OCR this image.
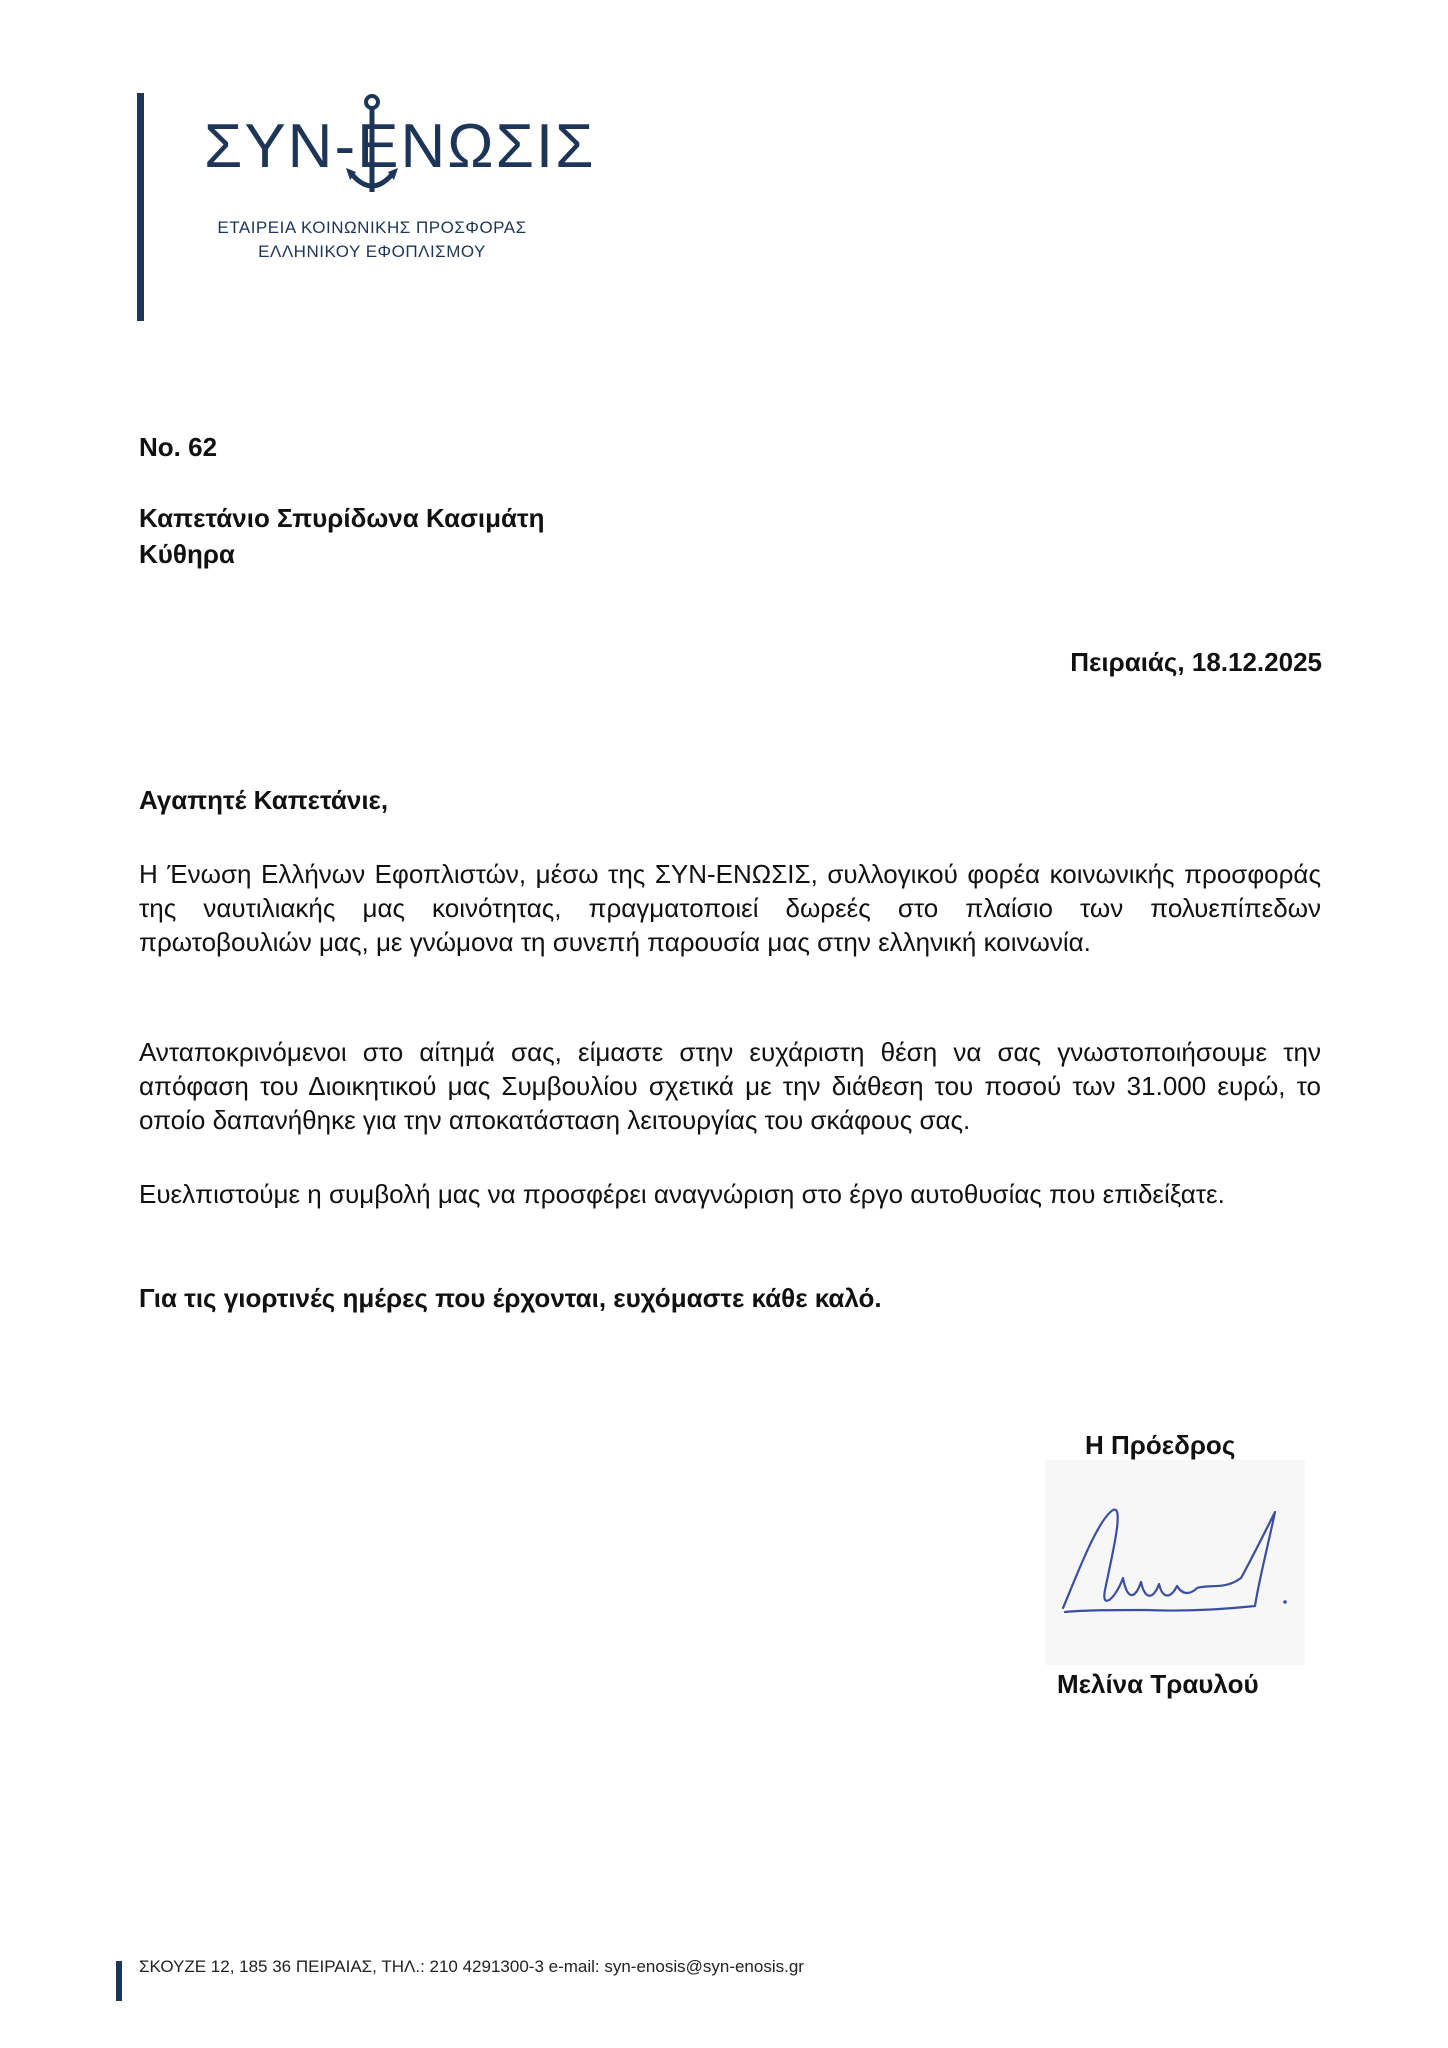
ΣΥΝ-ΕΝΩΣΙΣ
ΕΤΑΙΡΕΙΑ ΚΟΙΝΩΝΙΚΗΣ ΠΡΟΣΦΟΡΑΣ
ΕΛΛΗΝΙΚΟΥ ΕΦΟΠΛΙΣΜΟΥ
No. 62
Καπετάνιο Σπυρίδωνα Κασιμάτη
Κύθηρα
Πειραιάς, 18.12.2025
Αγαπητέ Καπετάνιε,
Η Ένωση Ελλήνων Εφοπλιστών, μέσω της ΣΥΝ-ΕΝΩΣΙΣ, συλλογικού φορέα κοινωνικής προσφοράς της ναυτιλιακής μας κοινότητας, πραγματοποιεί δωρεές στο πλαίσιο των πολυεπίπεδων πρωτοβουλιών μας, με γνώμονα τη συνεπή παρουσία μας στην ελληνική κοινωνία.
Ανταποκρινόμενοι στο αίτημά σας, είμαστε στην ευχάριστη θέση να σας γνωστοποιήσουμε την απόφαση του Διοικητικού μας Συμβουλίου σχετικά με την διάθεση του ποσού των 31.000 ευρώ, το οποίο δαπανήθηκε για την αποκατάσταση λειτουργίας του σκάφους σας.
Ευελπιστούμε η συμβολή μας να προσφέρει αναγνώριση στο έργο αυτοθυσίας που επιδείξατε.
Για τις γιορτινές ημέρες που έρχονται, ευχόμαστε κάθε καλό.
Η Πρόεδρος
Μελίνα Τραυλού
ΣΚΟΥΖΕ 12, 185 36 ΠΕΙΡΑΙΑΣ, ΤΗΛ.: 210 4291300-3 e-mail: syn-enosis@syn-enosis.gr
